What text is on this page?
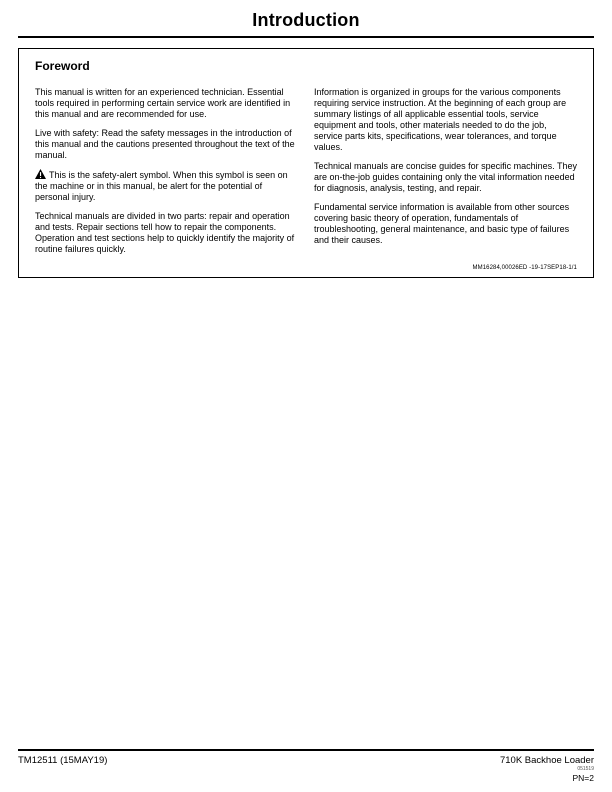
Introduction
Foreword

This manual is written for an experienced technician. Essential tools required in performing certain service work are identified in this manual and are recommended for use.

Live with safety: Read the safety messages in the introduction of this manual and the cautions presented throughout the text of the manual.

This is the safety-alert symbol. When this symbol is seen on the machine or in this manual, be alert for the potential of personal injury.

Technical manuals are divided in two parts: repair and operation and tests. Repair sections tell how to repair the components. Operation and test sections help to quickly identify the majority of routine failures quickly.

Information is organized in groups for the various components requiring service instruction. At the beginning of each group are summary listings of all applicable essential tools, service equipment and tools, other materials needed to do the job, service parts kits, specifications, wear tolerances, and torque values.

Technical manuals are concise guides for specific machines. They are on-the-job guides containing only the vital information needed for diagnosis, analysis, testing, and repair.

Fundamental service information is available from other sources covering basic theory of operation, fundamentals of troubleshooting, general maintenance, and basic type of failures and their causes.

MM16284,00026ED -19-17SEP18-1/1
TM12511 (15MAY19)	710K Backhoe Loader
051519
PN=2
